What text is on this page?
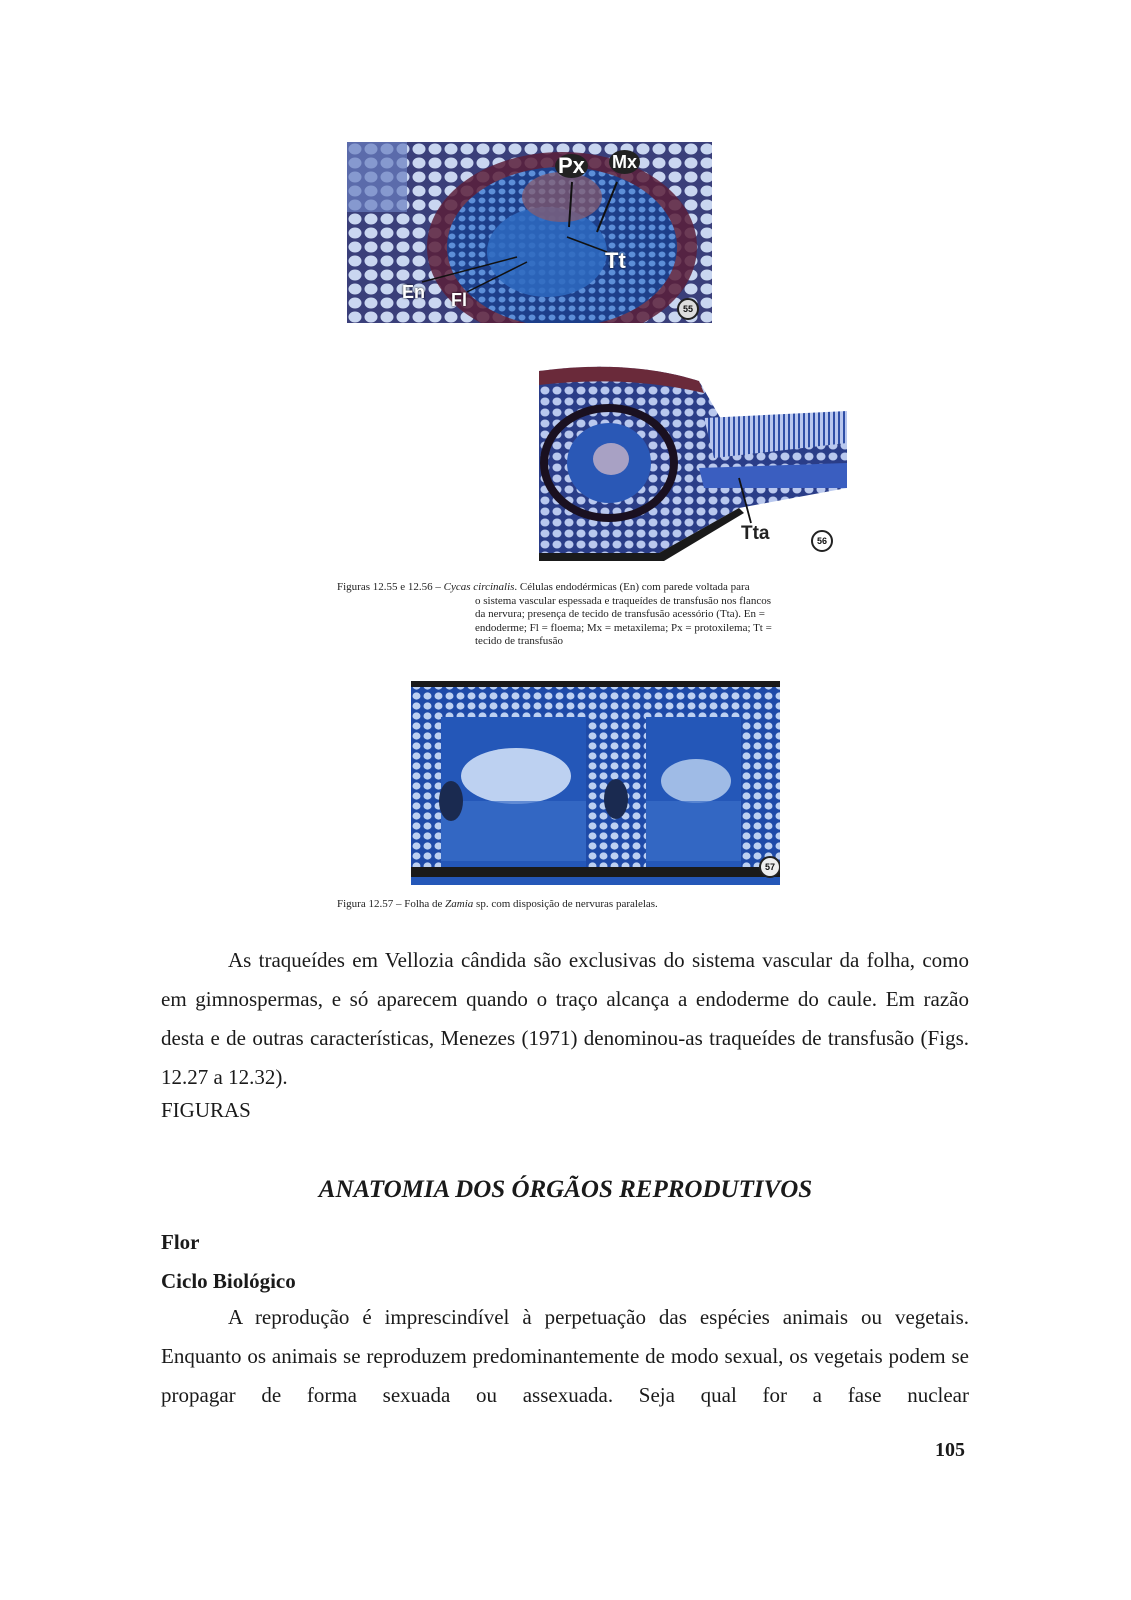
Px Mx
Tt
En Fl	55
Tta	56
Figuras 12.55 e 12.56 – Cycas circinalis. Células endodérmicas (En) com parede voltada para
o sistema vascular espessada e traqueídes de transfusão nos flancos
da nervura; presença de tecido de transfusão acessório (Tta). En =
endoderme; Fl = floema; Mx = metaxilema; Px = protoxilema; Tt =
tecido de transfusão
57
Figura 12.57 – Folha de Zamia sp. com disposição de nervuras paralelas.

As traqueídes em Vellozia cândida são exclusivas do sistema vascular da folha, como em gimnospermas, e só aparecem quando o traço alcança a endoderme do caule. Em razão desta e de outras características, Menezes (1971) denominou-as traqueídes de transfusão (Figs. 12.27 a 12.32).

FIGURAS
ANATOMIA DOS ÓRGÃOS REPRODUTIVOS
Flor
Ciclo Biológico

A reprodução é imprescindível à perpetuação das espécies animais ou vegetais. Enquanto os animais se reproduzem predominantemente de modo sexual, os vegetais podem se propagar de forma sexuada ou assexuada. Seja qual for a fase nuclear

105
